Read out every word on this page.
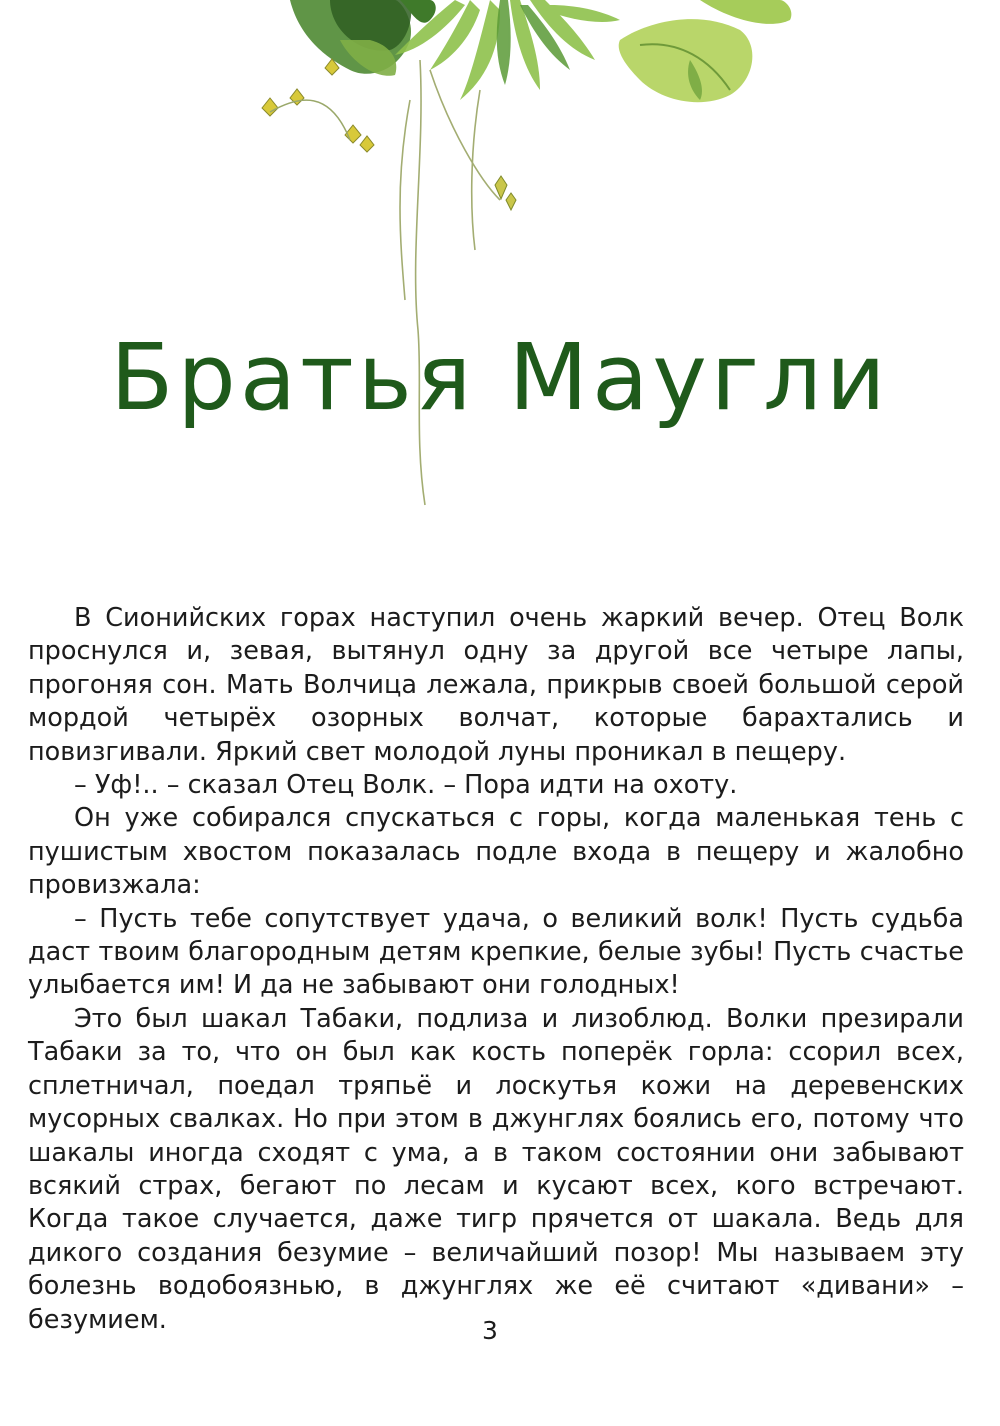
Братья Маугли

В Сионийских горах наступил очень жаркий вечер. Отец Волк проснулся и, зевая, вытянул одну за другой все четыре лапы, прогоняя сон. Мать Волчица лежала, прикрыв своей большой серой мордой четырёх озорных волчат, которые барахтались и повизгивали. Яркий свет молодой луны проникал в пещеру.

– Уф!.. – сказал Отец Волк. – Пора идти на охоту.

Он уже собирался спускаться с горы, когда маленькая тень с пушистым хвостом показалась подле входа в пещеру и жалобно провизжала:

– Пусть тебе сопутствует удача, о великий волк! Пусть судьба даст твоим благородным детям крепкие, белые зубы! Пусть счастье улыбается им! И да не забывают они голодных!

Это был шакал Табаки, подлиза и лизоблюд. Волки презирали Табаки за то, что он был как кость поперёк горла: ссорил всех, сплетничал, поедал тряпьё и лоскутья кожи на деревенских мусорных свалках. Но при этом в джунглях боялись его, потому что шакалы иногда сходят с ума, а в таком состоянии они забывают всякий страх, бегают по лесам и кусают всех, кого встречают. Когда такое случается, даже тигр прячется от шакала. Ведь для дикого создания безумие – величайший позор! Мы называем эту болезнь водобоязнью, в джунглях же её считают «дивани» – безумием.	3
